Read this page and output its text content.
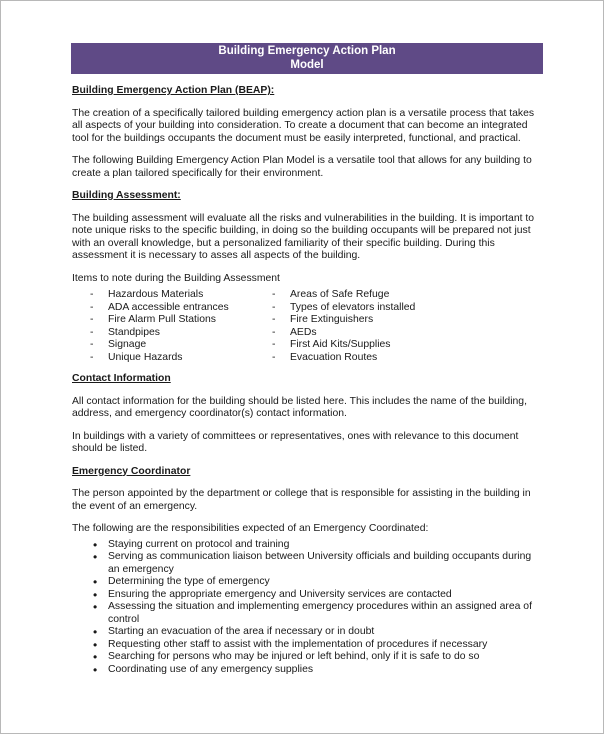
Building Emergency Action Plan
Model
Building Emergency Action Plan (BEAP):

The creation of a specifically tailored building emergency action plan is a versatile process that takes all aspects of your building into consideration. To create a document that can become an integrated tool for the buildings occupants the document must be easily interpreted, functional, and practical.

The following Building Emergency Action Plan Model is a versatile tool that allows for any building to create a plan tailored specifically for their environment.

Building Assessment:

The building assessment will evaluate all the risks and vulnerabilities in the building. It is important to note unique risks to the specific building, in doing so the building occupants will be prepared not just with an overall knowledge, but a personalized familiarity of their specific building. During this assessment it is necessary to asses all aspects of the building.

Items to note during the Building Assessment

- Hazardous Materials
- ADA accessible entrances
- Fire Alarm Pull Stations
- Standpipes
- Signage
- Unique Hazards
- Areas of Safe Refuge
- Types of elevators installed
- Fire Extinguishers
- AEDs
- First Aid Kits/Supplies
- Evacuation Routes
Contact Information

All contact information for the building should be listed here. This includes the name of the building, address, and emergency coordinator(s) contact information.

In buildings with a variety of committees or representatives, ones with relevance to this document should be listed.

Emergency Coordinator

The person appointed by the department or college that is responsible for assisting in the building in the event of an emergency.

The following are the responsibilities expected of an Emergency Coordinated:

• Staying current on protocol and training
• Serving as communication liaison between University officials and building occupants during an emergency
• Determining the type of emergency
• Ensuring the appropriate emergency and University services are contacted
• Assessing the situation and implementing emergency procedures within an assigned area of control
• Starting an evacuation of the area if necessary or in doubt
• Requesting other staff to assist with the implementation of procedures if necessary
• Searching for persons who may be injured or left behind, only if it is safe to do so
• Coordinating use of any emergency supplies
